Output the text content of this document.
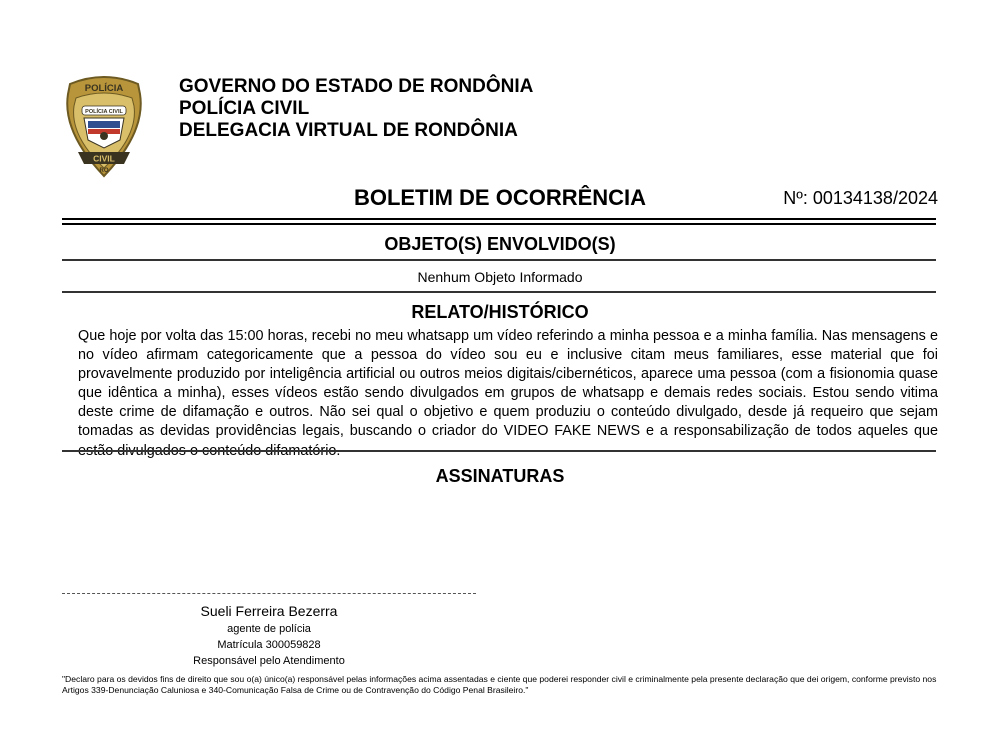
POLÍCIA
POLÍCIA CIVIL
CIVIL
RO
GOVERNO DO ESTADO DE RONDÔNIA
POLÍCIA CIVIL
DELEGACIA VIRTUAL DE RONDÔNIA
BOLETIM DE OCORRÊNCIA	Nº: 00134138/2024
OBJETO(S) ENVOLVIDO(S)
Nenhum Objeto Informado
RELATO/HISTÓRICO
Que hoje por volta das 15:00 horas, recebi no meu whatsapp um vídeo referindo a minha pessoa e a minha família. Nas mensagens e no vídeo afirmam categoricamente que a pessoa do vídeo sou eu e inclusive citam meus familiares, esse material que foi provavelmente produzido por inteligência artificial ou outros meios digitais/cibernéticos, aparece uma pessoa (com a fisionomia quase que idêntica a minha), esses vídeos estão sendo divulgados em grupos de whatsapp e demais redes sociais. Estou sendo vitima deste crime de difamação e outros. Não sei qual o objetivo e quem produziu o conteúdo divulgado, desde já requeiro que sejam tomadas as devidas providências legais, buscando o criador do VIDEO FAKE NEWS e a responsabilização de todos aqueles que estão divulgados o conteúdo difamatório.
ASSINATURAS
Sueli Ferreira Bezerra
agente de polícia
Matrícula 300059828
Responsável pelo Atendimento
"Declaro para os devidos fins de direito que sou o(a) único(a) responsável pelas informações acima assentadas e ciente que poderei responder civil e criminalmente pela presente declaração que dei origem, conforme previsto nos Artigos 339-Denunciação Caluniosa e 340-Comunicação Falsa de Crime ou de Contravenção do Código Penal Brasileiro."
